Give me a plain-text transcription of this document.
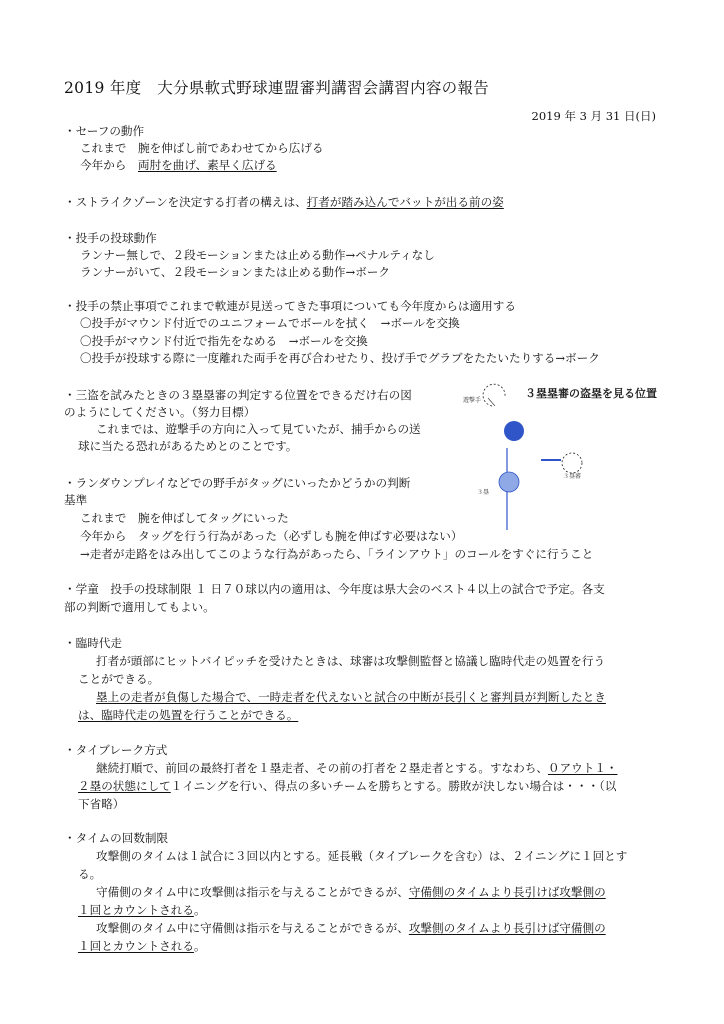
2019 年度　大分県軟式野球連盟審判講習会講習内容の報告
2019 年 3 月 31 日(日)
・セーフの動作
これまで　腕を伸ばし前であわせてから広げる
今年から　両肘を曲げ、素早く広げる
・ストライクゾーンを決定する打者の構えは、打者が踏み込んでバットが出る前の姿
・投手の投球動作
ランナー無しで、２段モーションまたは止める動作→ペナルティなし
ランナーがいて、２段モーションまたは止める動作→ボーク
・投手の禁止事項でこれまで軟連が見送ってきた事項についても今年度からは適用する
〇投手がマウンド付近でのユニフォームでボールを拭く　→ボールを交換
〇投手がマウンド付近で指先をなめる　→ボールを交換
〇投手が投球する際に一度離れた両手を再び合わせたり、投げ手でグラブをたたいたりする→ボーク
・三盗を試みたときの３塁塁審の判定する位置をできるだけ右の図
のようにしてください。（努力目標）
これまでは、遊撃手の方向に入って見ていたが、捕手からの送
球に当たる恐れがあるためとのことです。
３塁塁審の盗塁を見る位置
遊撃手
３塁
３塁審
・ランダウンプレイなどでの野手がタッグにいったかどうかの判断
基準
これまで　腕を伸ばしてタッグにいった
今年から　タッグを行う行為があった（必ずしも腕を伸ばす必要はない）
→走者が走路をはみ出してこのような行為があったら、「ラインアウト」のコールをすぐに行うこと
・学童　投手の投球制限 １ 日７０球以内の適用は、今年度は県大会のベスト４以上の試合で予定。各支
部の判断で適用してもよい。
・臨時代走
打者が頭部にヒットバイピッチを受けたときは、球審は攻撃側監督と協議し臨時代走の処置を行う
ことができる。
塁上の走者が負傷した場合で、一時走者を代えないと試合の中断が長引くと審判員が判断したとき
は、臨時代走の処置を行うことができる。
・タイブレーク方式
継続打順で、前回の最終打者を１塁走者、その前の打者を２塁走者とする。すなわち、０アウト１・
２塁の状態にして１イニングを行い、得点の多いチームを勝ちとする。勝敗が決しない場合は・・・（以
下省略）
・タイムの回数制限
攻撃側のタイムは１試合に３回以内とする。延長戦（タイブレークを含む）は、２イニングに１回とす
る。
守備側のタイム中に攻撃側は指示を与えることができるが、守備側のタイムより長引けば攻撃側の
１回とカウントされる。
攻撃側のタイム中に守備側は指示を与えることができるが、攻撃側のタイムより長引けば守備側の
１回とカウントされる。
